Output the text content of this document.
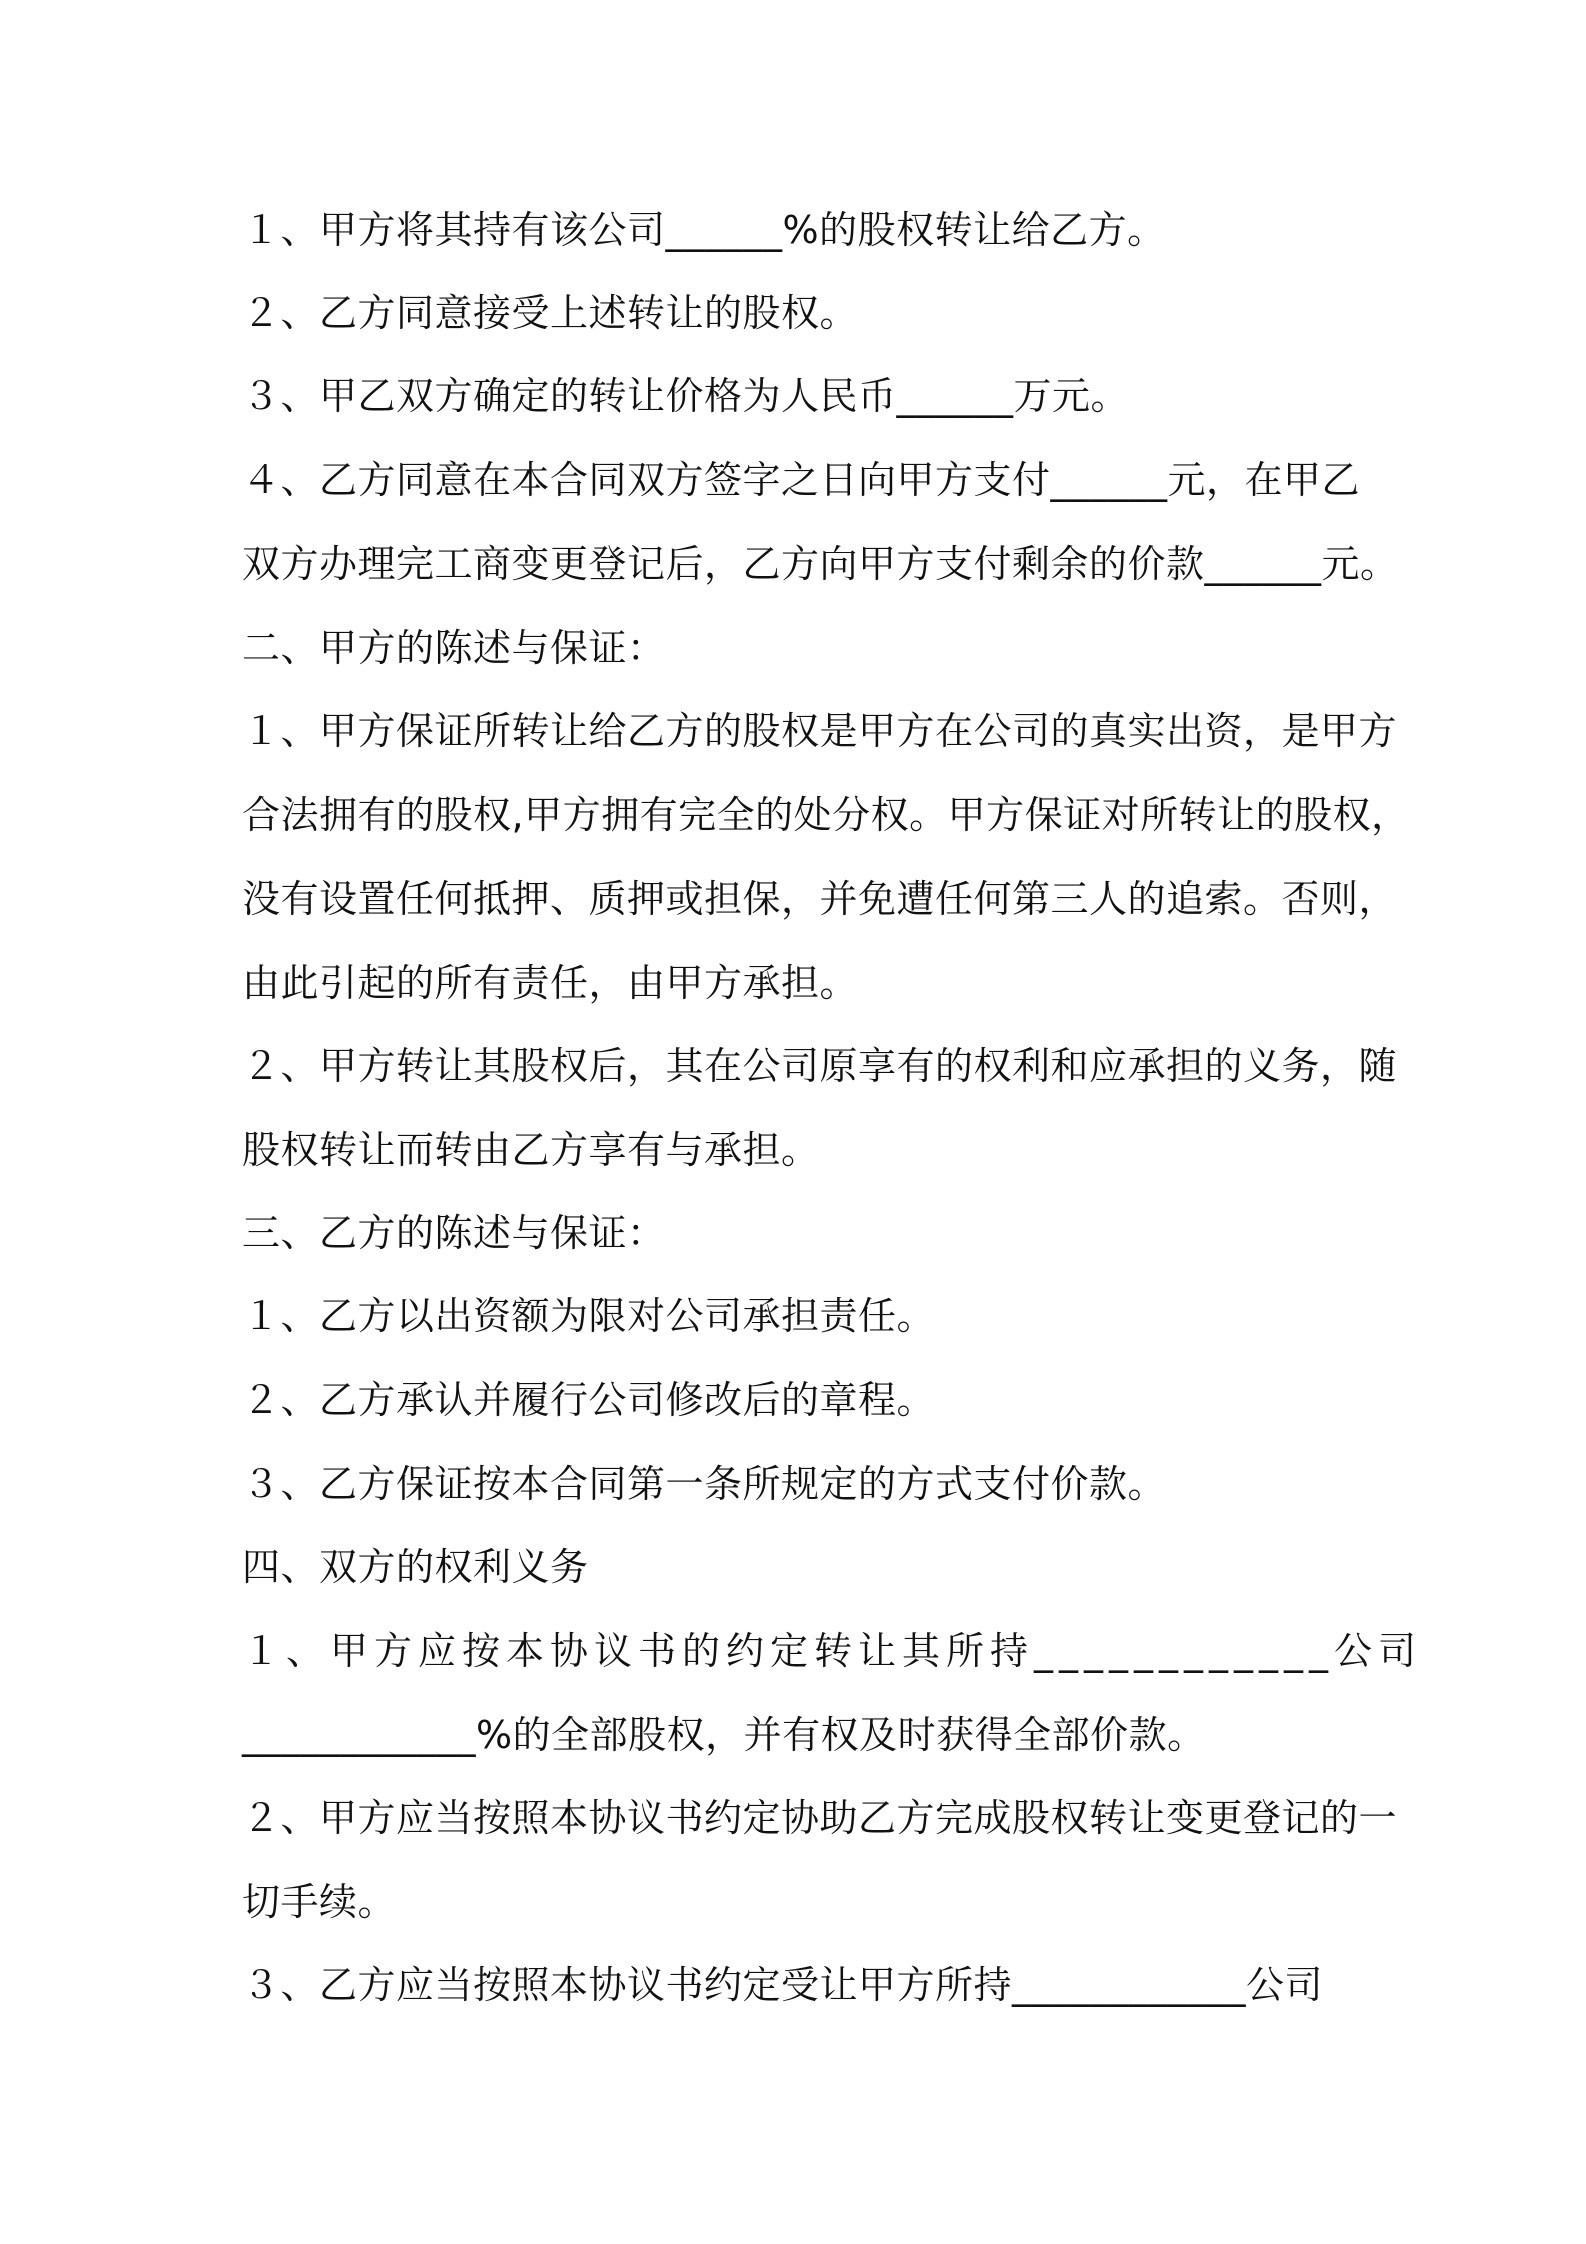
１、甲方将其持有该公司______%的股权转让给乙方。
２、乙方同意接受上述转让的股权。
３、甲乙双方确定的转让价格为人民币______万元。
４、乙方同意在本合同双方签字之日向甲方支付______元，在甲乙
双方办理完工商变更登记后，乙方向甲方支付剩余的价款______元。
二、甲方的陈述与保证：
１、甲方保证所转让给乙方的股权是甲方在公司的真实出资，是甲方
合法拥有的股权,甲方拥有完全的处分权。甲方保证对所转让的股权，
没有设置任何抵押、质押或担保，并免遭任何第三人的追索。否则，
由此引起的所有责任，由甲方承担。
２、甲方转让其股权后，其在公司原享有的权利和应承担的义务，随
股权转让而转由乙方享有与承担。
三、乙方的陈述与保证：
１、乙方以出资额为限对公司承担责任。
２、乙方承认并履行公司修改后的章程。
３、乙方保证按本合同第一条所规定的方式支付价款。
四、双方的权利义务
１、甲方应按本协议书的约定转让其所持____________公司
____________%的全部股权，并有权及时获得全部价款。
２、甲方应当按照本协议书约定协助乙方完成股权转让变更登记的一
切手续。
３、乙方应当按照本协议书约定受让甲方所持____________公司
